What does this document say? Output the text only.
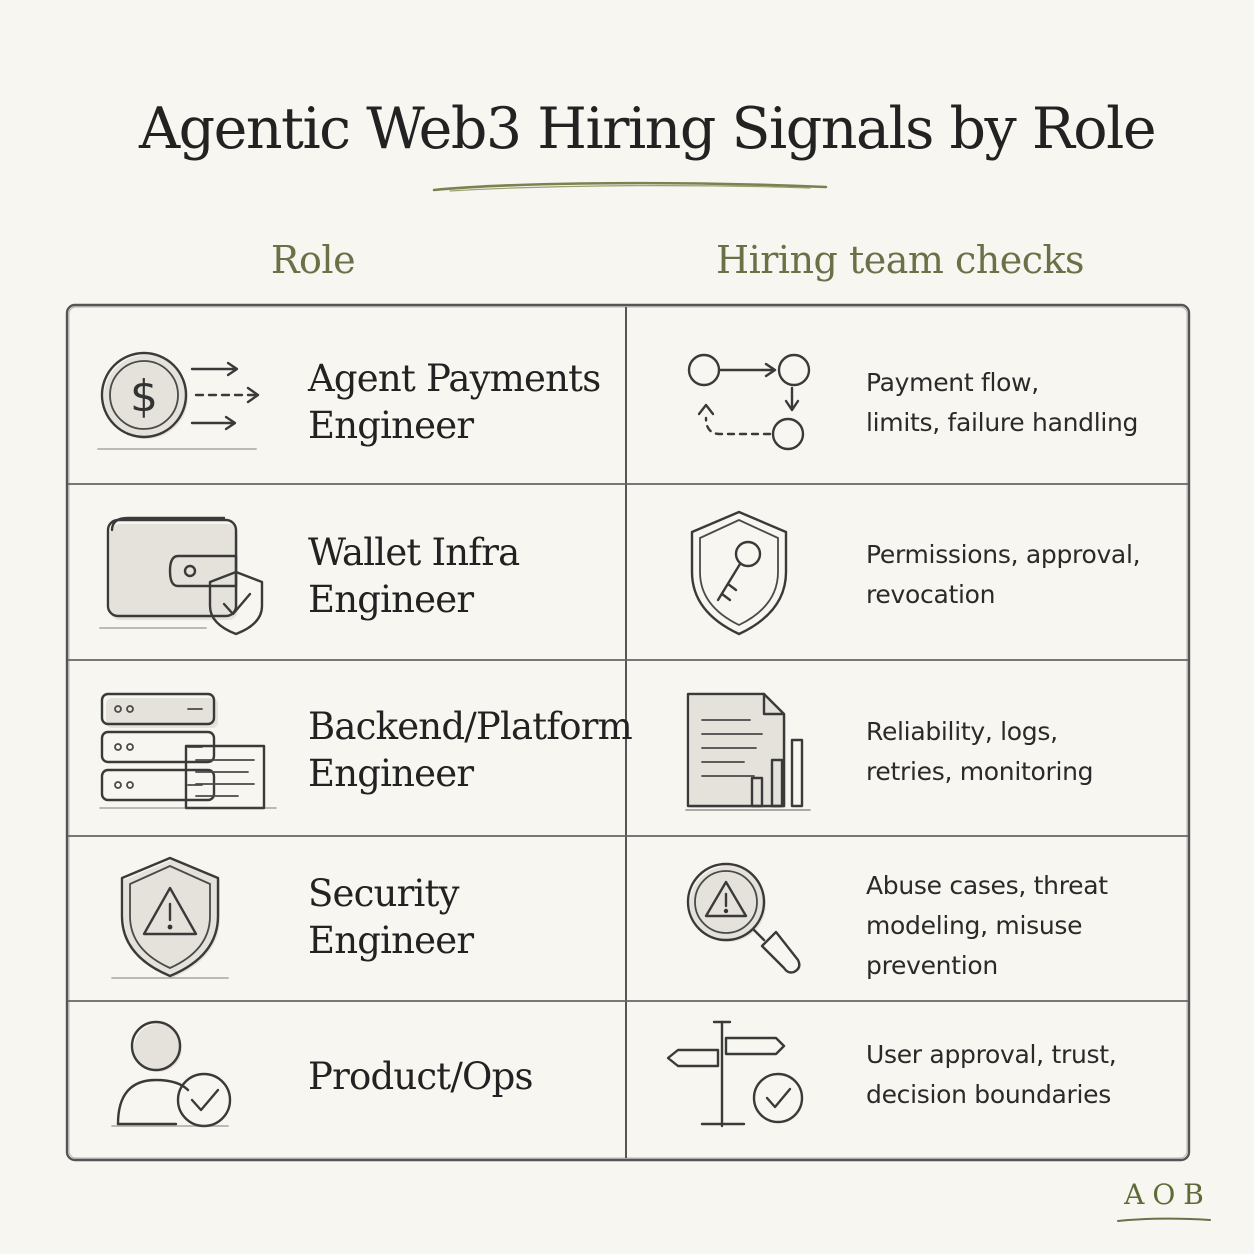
Agentic Web3 Hiring Signals by Role
Role	Hiring team checks
$	Agent Payments
Engineer
Payment flow,
limits, failure handling
Wallet Infra
Engineer
Permissions, approval,
revocation
Backend/Platform
Engineer
Reliability, logs,
retries, monitoring
Security
Engineer
Abuse cases, threat
modeling, misuse
prevention
Product/Ops
User approval, trust,
decision boundaries
AOB
